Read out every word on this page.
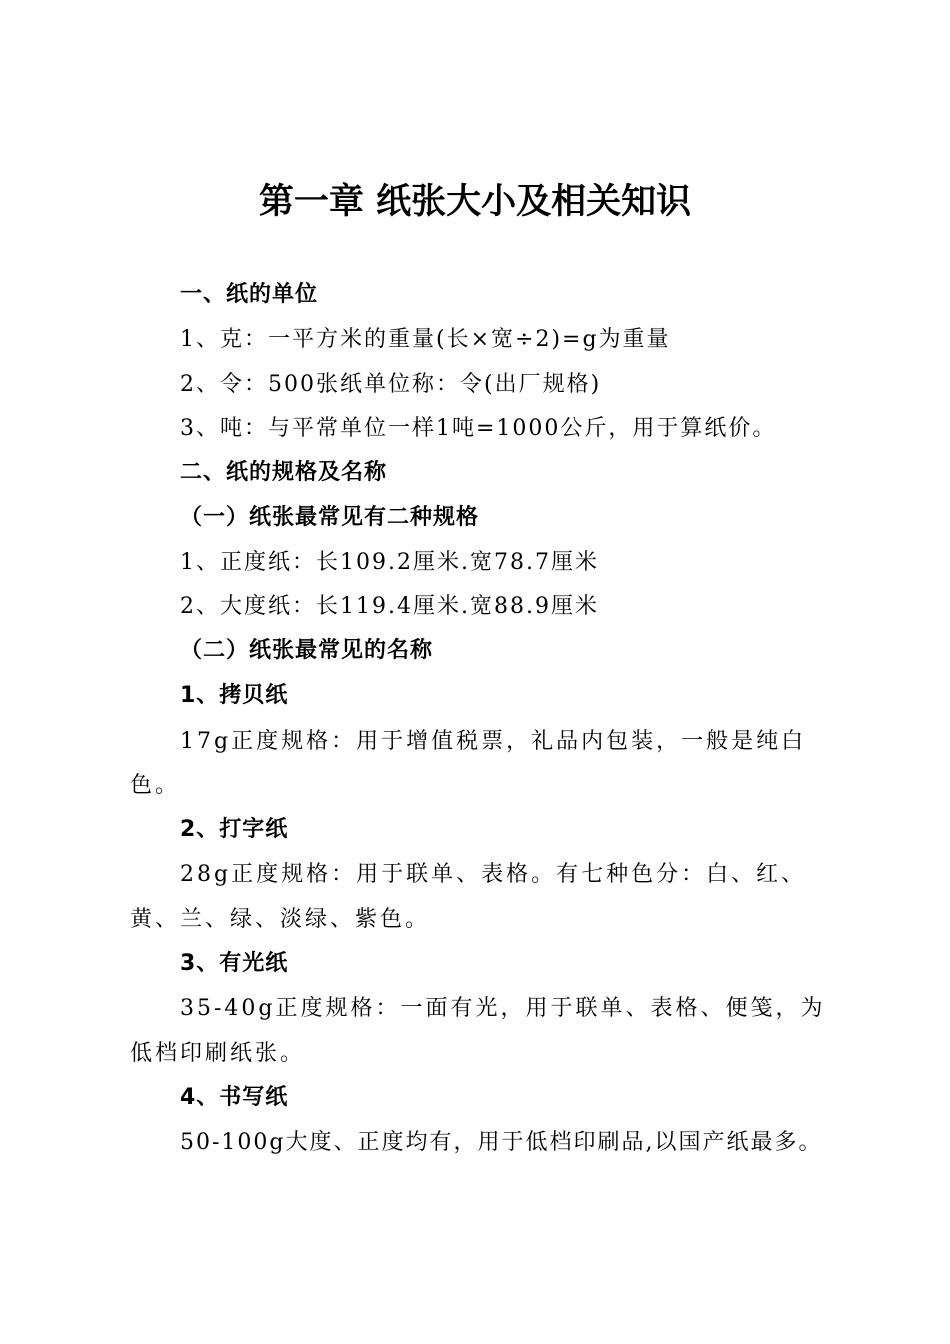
第一章 纸张大小及相关知识
一、纸的单位
1、克：一平方米的重量(长×宽÷2)=g为重量
2、令：500张纸单位称：令(出厂规格)
3、吨：与平常单位一样1吨=1000公斤，用于算纸价。
二、纸的规格及名称
（一）纸张最常见有二种规格
1、正度纸：长109.2厘米.宽78.7厘米
2、大度纸：长119.4厘米.宽88.9厘米
（二）纸张最常见的名称
1、拷贝纸
17g正度规格：用于增值税票，礼品内包装，一般是纯白
色。
2、打字纸
28g正度规格：用于联单、表格。有七种色分：白、红、
黄、兰、绿、淡绿、紫色。
3、有光纸
35-40g正度规格：一面有光，用于联单、表格、便笺，为
低档印刷纸张。
4、书写纸
50-100g大度、正度均有，用于低档印刷品,以国产纸最多。
